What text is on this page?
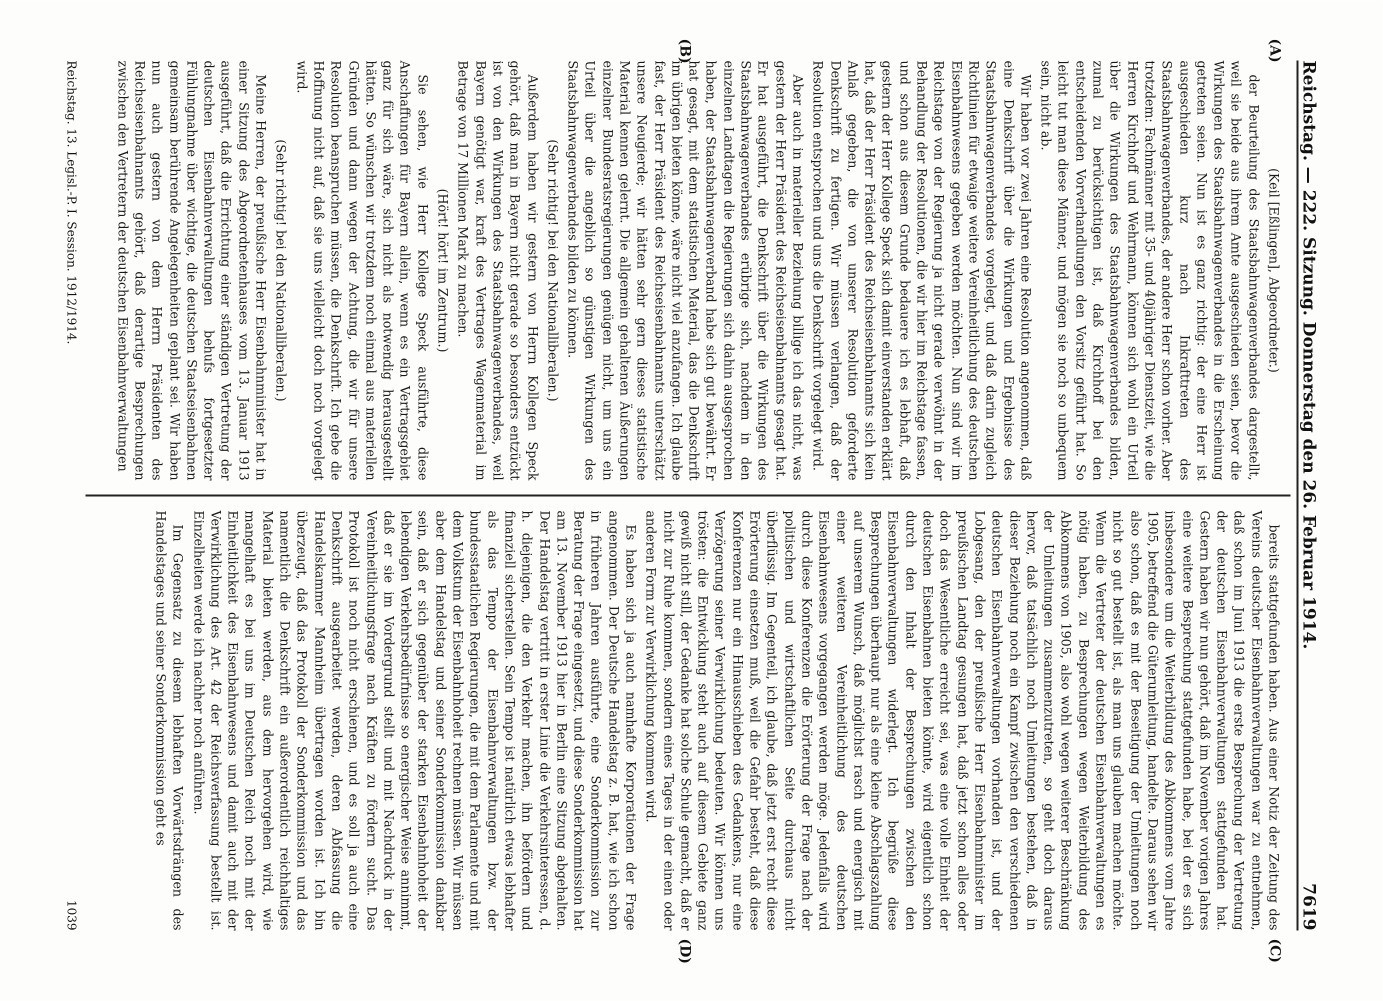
Reichstag. — 222. Sitzung. Donnerstag den 26. Februar 1914.
7619
(A)
(B)
(C)
(D)

(Keil [Eßlingen], Abgeordneter.)

der Beurteilung des Staatsbahnwagenverbandes dargestellt, weil sie beide aus ihrem Amte ausgeschieden seien, bevor die Wirkungen des Staatsbahnwagenverbandes in die Erscheinung getreten seien. Nun ist es ganz richtig: der eine Herr ist ausgeschieden kurz nach Inkrafttreten des Staatsbahnwagenverbandes, der andere Herr schon vorher. Aber trotzdem: Fachmänner mit 35- und 40jähriger Dienstzeit, wie die Herren Kirchhoff und Wehrmann, können sich wohl ein Urteil über die Wirkungen des Staatsbahnwagenverbandes bilden, zumal zu berücksichtigen ist, daß Kirchhoff bei den entscheidenden Vorverhandlungen den Vorsitz geführt hat. So leicht tut man diese Männer, und mögen sie noch so unbequem sein, nicht ab.

Wir haben vor zwei Jahren eine Resolution angenommen, daß eine Denkschrift über die Wirkungen und Ergebnisse des Staatsbahnwagenverbandes vorgelegt, und daß darin zugleich Richtlinien für etwaige weitere Vereinheitlichung des deutschen Eisenbahnwesens gegeben werden möchten. Nun sind wir im Reichstage von der Regierung ja nicht gerade verwöhnt in der Behandlung der Resolutionen, die wir hier im Reichstage fassen, und schon aus diesem Grunde bedauere ich es lebhaft, daß gestern der Herr Kollege Speck sich damit einverstanden erklärt hat, daß der Herr Präsident des Reichseisenbahnamts sich kein Anlaß gegeben, die von unserer Resolution geforderte Denkschrift zu fertigen. Wir müssen verlangen, daß der Resolution entsprochen und uns die Denkschrift vorgelegt wird.

Aber auch in materieller Beziehung billige ich das nicht, was gestern der Herr Präsident des Reichseisenbahnamts gesagt hat. Er hat ausgeführt, die Denkschrift über die Wirkungen des Staatsbahnwagenverbandes erübrige sich, nachdem in den einzelnen Landtagen die Regierungen sich dahin ausgesprochen haben, der Staatsbahnwagenverband habe sich gut bewährt. Er hat gesagt, mit dem statistischen Material, das die Denkschrift im übrigen bieten könne, wäre nicht viel anzufangen. Ich glaube fast, der Herr Präsident des Reichseisenbahnamts unterschätzt unsere Neugierde; wir hätten sehr gern dieses statistische Material kennen gelernt. Die allgemein gehaltenen Äußerungen einzelner Bundesratsregierungen genügen nicht, um uns ein Urteil über die angeblich so günstigen Wirkungen des Staatsbahnwagenverbandes bilden zu können.

(Sehr richtig! bei den Nationalliberalen.)

Außerdem haben wir gestern von Herrn Kollegen Speck gehört, daß man in Bayern nicht gerade so besonders entzückt ist von den Wirkungen des Staatsbahnwagenverbandes, weil Bayern genötigt war, kraft des Vertrages Wagenmaterial im Betrage von 17 Millionen Mark zu machen.

(Hört! hört! im Zentrum.)

Sie sehen, wie Herr Kollege Speck ausführte, diese Anschaffungen für Bayern allein, wenn es ein Vertragsgebiet ganz für sich wäre, sich nicht als notwendig herausgestellt hätten. So wünschen wir trotzdem noch einmal aus materiellen Gründen und dann wegen der Achtung, die wir für unsere Resolution beanspruchen müssen, die Denkschrift. Ich gebe die Hoffnung nicht auf, daß sie uns vielleicht doch noch vorgelegt wird.

(Sehr richtig! bei den Nationalliberalen.)

Meine Herren, der preußische Herr Eisenbahnminister hat in einer Sitzung des Abgeordnetenhauses vom 13. Januar 1913 ausgeführt, daß die Errichtung einer ständigen Vertretung der deutschen Eisenbahnverwaltungen behufs fortgesetzter Fühlungnahme über wichtige, die deutschen Staatseisenbahnen gemeinsam berührende Angelegenheiten geplant sei. Wir haben nun auch gestern von dem Herrn Präsidenten des Reichseisenbahnamts gehört, daß derartige Besprechungen zwischen den Vertretern der deutschen Eisenbahnverwaltungen

bereits stattgefunden haben. Aus einer Notiz der Zeitung des Vereins deutscher Eisenbahnverwaltungen war zu entnehmen, daß schon im Juni 1913 die erste Besprechung der Vertretung der deutschen Eisenbahnverwaltungen stattgefunden hat. Gestern haben wir nun gehört, daß im November vorigen Jahres eine weitere Besprechung stattgefunden habe, bei der es sich insbesondere um die Weiterbildung des Abkommens vom Jahre 1905, betreffend die Güterumleitung, handelte. Daraus sehen wir also schon, daß es mit der Beseitigung der Umleitungen noch nicht so gut bestellt ist, als man uns glauben machen möchte. Wenn die Vertreter der deutschen Eisenbahnverwaltungen es nötig haben, zu Besprechungen wegen Weiterbildung des Abkommens von 1905, also wohl wegen weiterer Beschränkung der Umleitungen zusammenzutreten, so geht doch daraus hervor, daß tatsächlich noch Umleitungen bestehen, daß in dieser Beziehung noch ein Kampf zwischen den verschiedenen deutschen Eisenbahnverwaltungen vorhanden ist, und der Lobgesang, den der preußische Herr Eisenbahnminister im preußischen Landtag gesungen hat, daß jetzt schon alles oder doch das Wesentliche erreicht sei, was eine volle Einheit der deutschen Eisenbahnen bieten könnte, wird eigentlich schon durch den Inhalt der Besprechungen zwischen den Eisenbahnverwaltungen widerlegt. Ich begrüße diese Besprechungen überhaupt nur als eine kleine Abschlagszahlung auf unserem Wunsch, daß möglichst rasch und energisch mit einer weiteren Vereinheitlichung des deutschen Eisenbahnwesens vorgegangen werden möge. Jedenfalls wird durch diese Konferenzen die Erörterung der Frage nach der politischen und wirtschaftlichen Seite durchaus nicht überflüssig. Im Gegenteil, ich glaube, daß jetzt erst recht diese Erörterung einsetzen muß, weil die Gefahr besteht, daß diese Konferenzen nur ein Hinausschieben des Gedankens, nur eine Verzögerung seiner Verwirklichung bedeuten. Wir können uns trösten: die Entwicklung steht auch auf diesem Gebiete ganz gewiß nicht still, der Gedanke hat solche Schule gemacht, daß er nicht zur Ruhe kommen, sondern eines Tages in der einen oder anderen Form zur Verwirklichung kommen wird.

Es haben sich ja auch namhafte Korporationen der Frage angenommen. Der Deutsche Handelstag z. B. hat, wie ich schon in früheren Jahren ausführte, eine Sonderkommission zur Beratung der Frage eingesetzt, und diese Sonderkommission hat am 13. November 1913 hier in Berlin eine Sitzung abgehalten. Der Handelstag vertritt in erster Linie die Verkehrsinteressen, d. h. diejenigen, die den Verkehr machen, ihn befördern und finanziell sicherstellen. Sein Tempo ist natürlich etwas lebhafter als das Tempo der Eisenbahnverwaltungen bzw. der bundesstaatlichen Regierungen, die mit dem Parlamente und mit dem Volkstum der Eisenbahnhoheit rechnen müssen. Wir müssen aber dem Handelstag und seiner Sonderkommission dankbar sein, daß er sich gegenüber der starken Eisenbahnhoheit der lebendigen Verkehrsbedürfnisse so energischer Weise annimmt, daß er sie im Vordergrund stellt und mit Nachdruck in der Vereinheitlichungsfrage nach Kräften zu fördern sucht. Das Protokoll ist noch nicht erschienen, und es soll ja auch eine Denkschrift ausgearbeitet werden, deren Abfassung die Handelskammer Mannheim übertragen worden ist. Ich bin überzeugt, daß das Protokoll der Sonderkommission und das namentlich die Denkschrift ein außerordentlich reichhaltiges Material bieten werden, aus dem hervorgehen wird, wie mangelhaft es bei uns im Deutschen Reich noch mit der Einheitlichkeit des Eisenbahnwesens und damit auch mit der Verwirklichung des Art. 42 der Reichsverfassung bestellt ist. Einzelheiten werde ich nachher noch anführen.

Im Gegensatz zu diesem lebhaften Vorwärtsdrängen des Handelstages und seiner Sonderkommission geht es

Reichstag. 13. Legisl.-P. I. Session. 1912/1914.
1039
